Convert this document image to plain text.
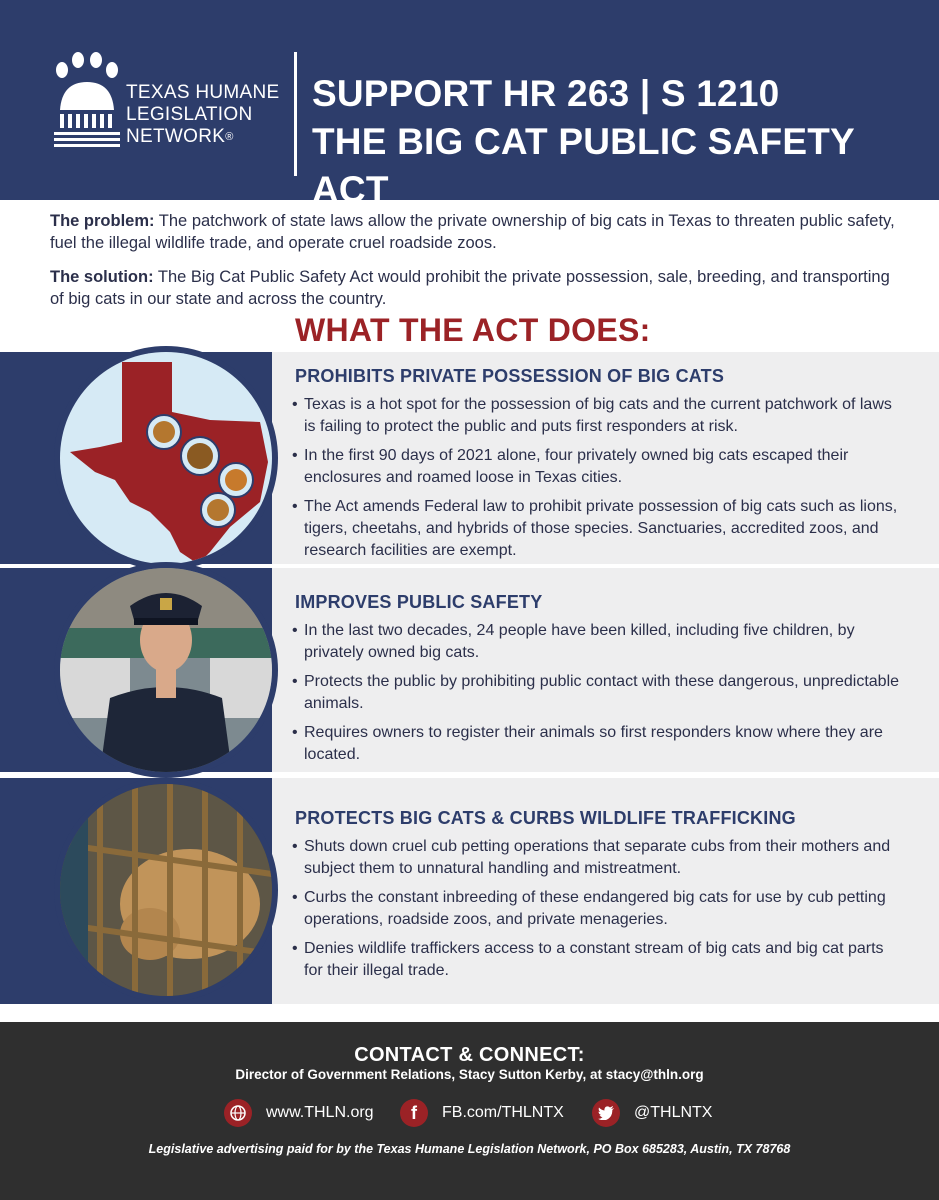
TEXAS HUMANE
LEGISLATION
NETWORK®
SUPPORT HR 263 | S 1210
THE BIG CAT PUBLIC SAFETY ACT

The problem: The patchwork of state laws allow the private ownership of big cats in Texas to threaten public safety, fuel the illegal wildlife trade, and operate cruel roadside zoos.

The solution: The Big Cat Public Safety Act would prohibit the private possession, sale, breeding, and transporting of big cats in our state and across the country.

WHAT THE ACT DOES:
PROHIBITS PRIVATE POSSESSION OF BIG CATS
• Texas is a hot spot for the possession of big cats and the current patchwork of laws is failing to protect the public and puts first responders at risk.
• In the first 90 days of 2021 alone, four privately owned big cats escaped their enclosures and roamed loose in Texas cities.
• The Act amends Federal law to prohibit private possession of big cats such as lions, tigers, cheetahs, and hybrids of those species. Sanctuaries, accredited zoos, and research facilities are exempt.
IMPROVES PUBLIC SAFETY
• In the last two decades, 24 people have been killed, including five children, by privately owned big cats.
• Protects the public by prohibiting public contact with these dangerous, unpredictable animals.
• Requires owners to register their animals so first responders know where they are located.
PROTECTS BIG CATS & CURBS WILDLIFE TRAFFICKING
• Shuts down cruel cub petting operations that separate cubs from their mothers and subject them to unnatural handling and mistreatment.
• Curbs the constant inbreeding of these endangered big cats for use by cub petting operations, roadside zoos, and private menageries.
• Denies wildlife traffickers access to a constant stream of big cats and big cat parts for their illegal trade.
CONTACT & CONNECT:
Director of Government Relations, Stacy Sutton Kerby, at stacy@thln.org
www.THLN.org	f	FB.com/THLNTX	@THLNTX
Legislative advertising paid for by the Texas Humane Legislation Network, PO Box 685283, Austin, TX 78768
